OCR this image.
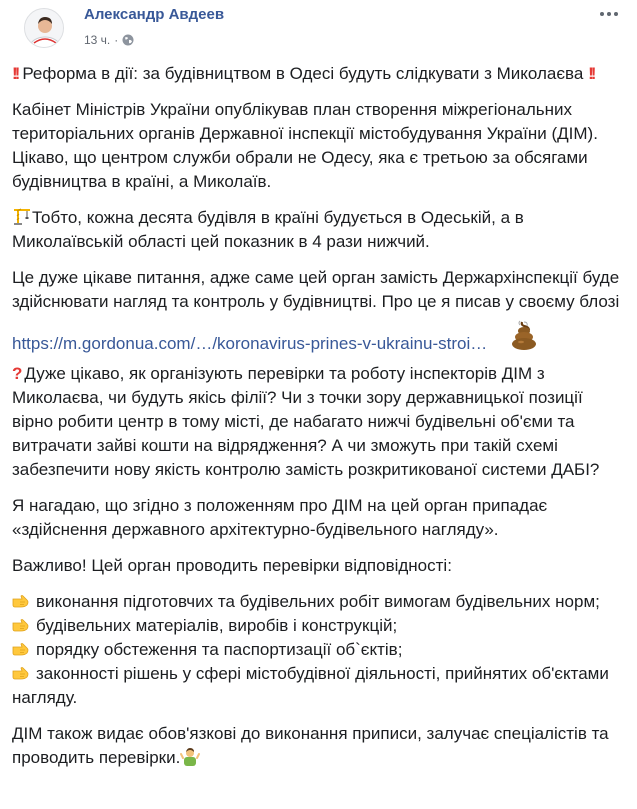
Александр Авдеев
13 ч. ·
!! Реформа в дії: за будівництвом в Одесі будуть слідкувати з Миколаєва !!
Кабінет Міністрів України опублікував план створення міжрегіональних територіальних органів Державної інспекції містобудування України (ДІМ). Цікаво, що центром служби обрали не Одесу, яка є третьою за обсягами будівництва в країні, а Миколаїв.
Тобто, кожна десята будівля в країні будується в Одеській, а в Миколаївській області цей показник в 4 рази нижчий.
Це дуже цікаве питання, адже саме цей орган замість Держархінспекції буде здійснювати нагляд та контроль у будівництві. Про це я писав у своєму блозі
https://m.gordonua.com/…/koronavirus-prines-v-ukrainu-stroi…
? Дуже цікаво, як організують перевірки та роботу інспекторів ДІМ з Миколаєва, чи будуть якісь філії? Чи з точки зору державницької позиції вірно робити центр в тому місті, де набагато нижчі будівельні об'єми та витрачати зайві кошти на відрядження? А чи зможуть при такій схемі забезпечити нову якість контролю замість розкритикованої системи ДАБІ?
Я нагадаю, що згідно з положенням про ДІМ на цей орган припадає «здійснення державного архітектурно-будівельного нагляду».
Важливо! Цей орган проводить перевірки відповідності:
виконання підготовчих та будівельних робіт вимогам будівельних норм;
будівельних матеріалів, виробів і конструкцій;
порядку обстеження та паспортизації об`єктів;
законності рішень у сфері містобудівної діяльності, прийнятих об'єктами нагляду.
ДІМ також видає обов'язкові до виконання приписи, залучає спеціалістів та проводить перевірки.
